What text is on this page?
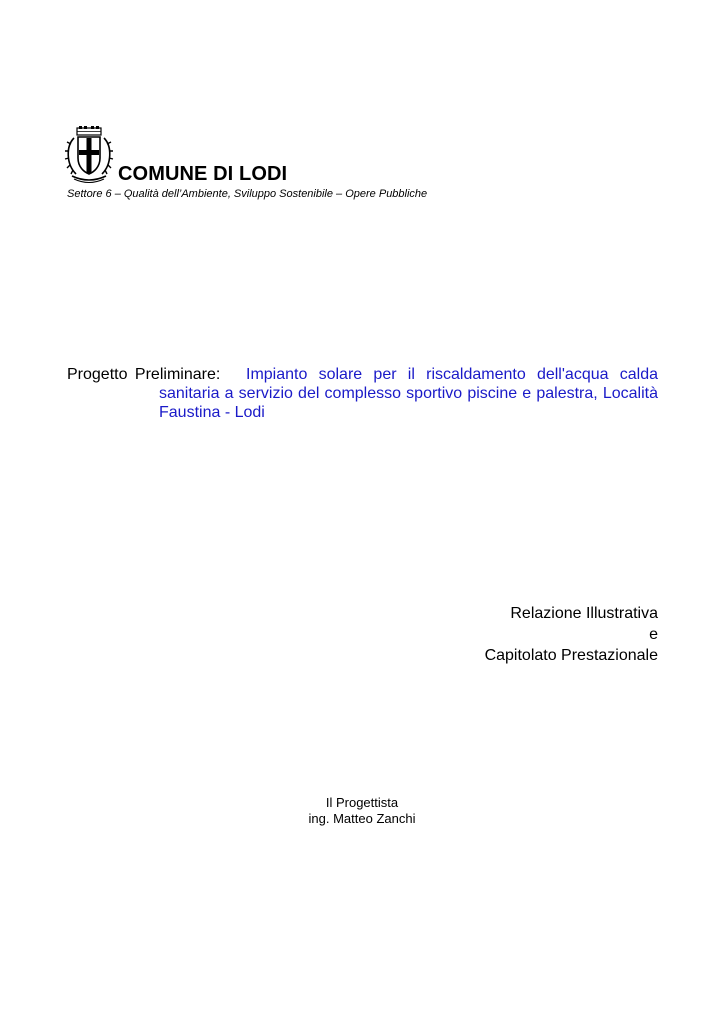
COMUNE DI LODI
Settore 6 – Qualità dell’Ambiente, Sviluppo Sostenibile – Opere Pubbliche
Progetto Preliminare:	Impianto solare per il riscaldamento dell'acqua calda sanitaria a servizio del complesso sportivo piscine e palestra, Località Faustina - Lodi
Relazione Illustrativa
e
Capitolato Prestazionale
Il Progettista
ing. Matteo Zanchi
